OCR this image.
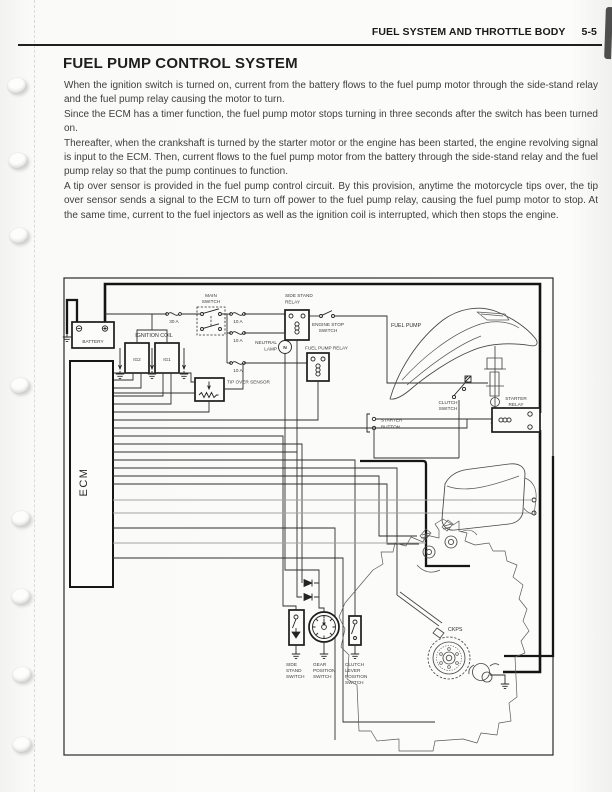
FUEL SYSTEM AND THROTTLE BODY 5-5
FUEL PUMP CONTROL SYSTEM

When the ignition switch is turned on, current from the battery flows to the fuel pump motor through the side-stand relay and the fuel pump relay causing the motor to turn.

Since the ECM has a timer function, the fuel pump motor stops turning in three seconds after the switch has been turned on.

Thereafter, when the crankshaft is turned by the starter motor or the engine has been started, the engine revolving signal is input to the ECM. Then, current flows to the fuel pump motor from the battery through the side-stand relay and the fuel pump relay so that the pump continues to function.

A tip over sensor is provided in the fuel pump control circuit. By this provision, anytime the motorcycle tips over, the tip over sensor sends a signal to the ECM to turn off power to the fuel pump relay, causing the fuel pump motor to stop. At the same time, current to the fuel injectors as well as the ignition coil is interrupted, which then stops the engine.

BATTERY
IGNITION COIL
IG2	IG1
30 A
MAIN
SWITCH
10 A
10 A
10 A
SIDE STAND
RELAY
ENGINE STOP
SWITCH
NEUTRAL
LAMP N	FUEL PUMP RELAY
TIP OVER SENSOR
ECM
FUEL PUMP
CLUTCH
SWITCH
STARTER
RELAY
STARTER
BUTTON
SIDE
STAND
SWITCH
GEAR
POSITION
SWITCH
CLUTCH
LEVER
POSITION
SWITCH
CKPS
